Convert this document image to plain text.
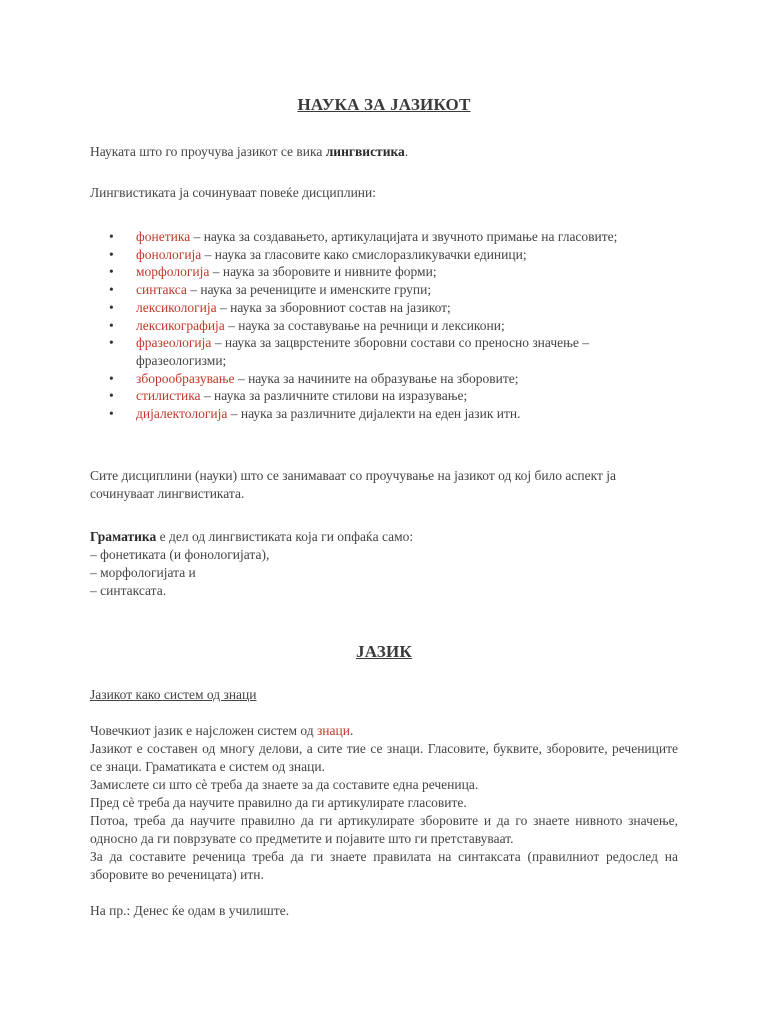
НАУКА ЗА ЈАЗИКОТ
Науката што го проучува јазикот се вика лингвистика.
Лингвистиката ја сочинуваат повеќе дисциплини:
• фонетика – наука за создавањето, артикулацијата и звучното примање на гласовите;
• фонологија – наука за гласовите како смислоразликувачки единици;
• морфологија – наука за зборовите и нивните форми;
• синтакса – наука за речениците и именските групи;
• лексикологија – наука за зборовниот состав на јазикот;
• лексикографија – наука за составување на речници и лексикони;
• фразеологија – наука за зацврстените зборовни состави со преносно значење – фразеологизми;
• зборообразување – наука за начините на образување на зборовите;
• стилистика – наука за различните стилови на изразување;
• дијалектологија – наука за различните дијалекти на еден јазик итн.
Сите дисциплини (науки) што се занимаваат со проучување на јазикот од кој било аспект ја сочинуваат лингвистиката.
Граматика е дел од лингвистиката која ги опфаќа само:
– фонетиката (и фонологијата),
– морфологијата и
– синтаксата.
ЈАЗИК
Јазикот како систем од знаци
Човечкиот јазик е најсложен систем од знаци.
Јазикот е составен од многу делови, а сите тие се знаци. Гласовите, буквите, зборовите, речениците се знаци. Граматиката е систем од знаци.
Замислете си што сè треба да знаете за да составите една реченица.
Пред сè треба да научите правилно да ги артикулирате гласовите.
Потоа, треба да научите правилно да ги артикулирате зборовите и да го знаете нивното значење, односно да ги поврзувате со предметите и појавите што ги претставуваат.
За да составите реченица треба да ги знаете правилата на синтаксата (правилниот редослед на зборовите во реченицата) итн.
На пр.: Денес ќе одам в училиште.
